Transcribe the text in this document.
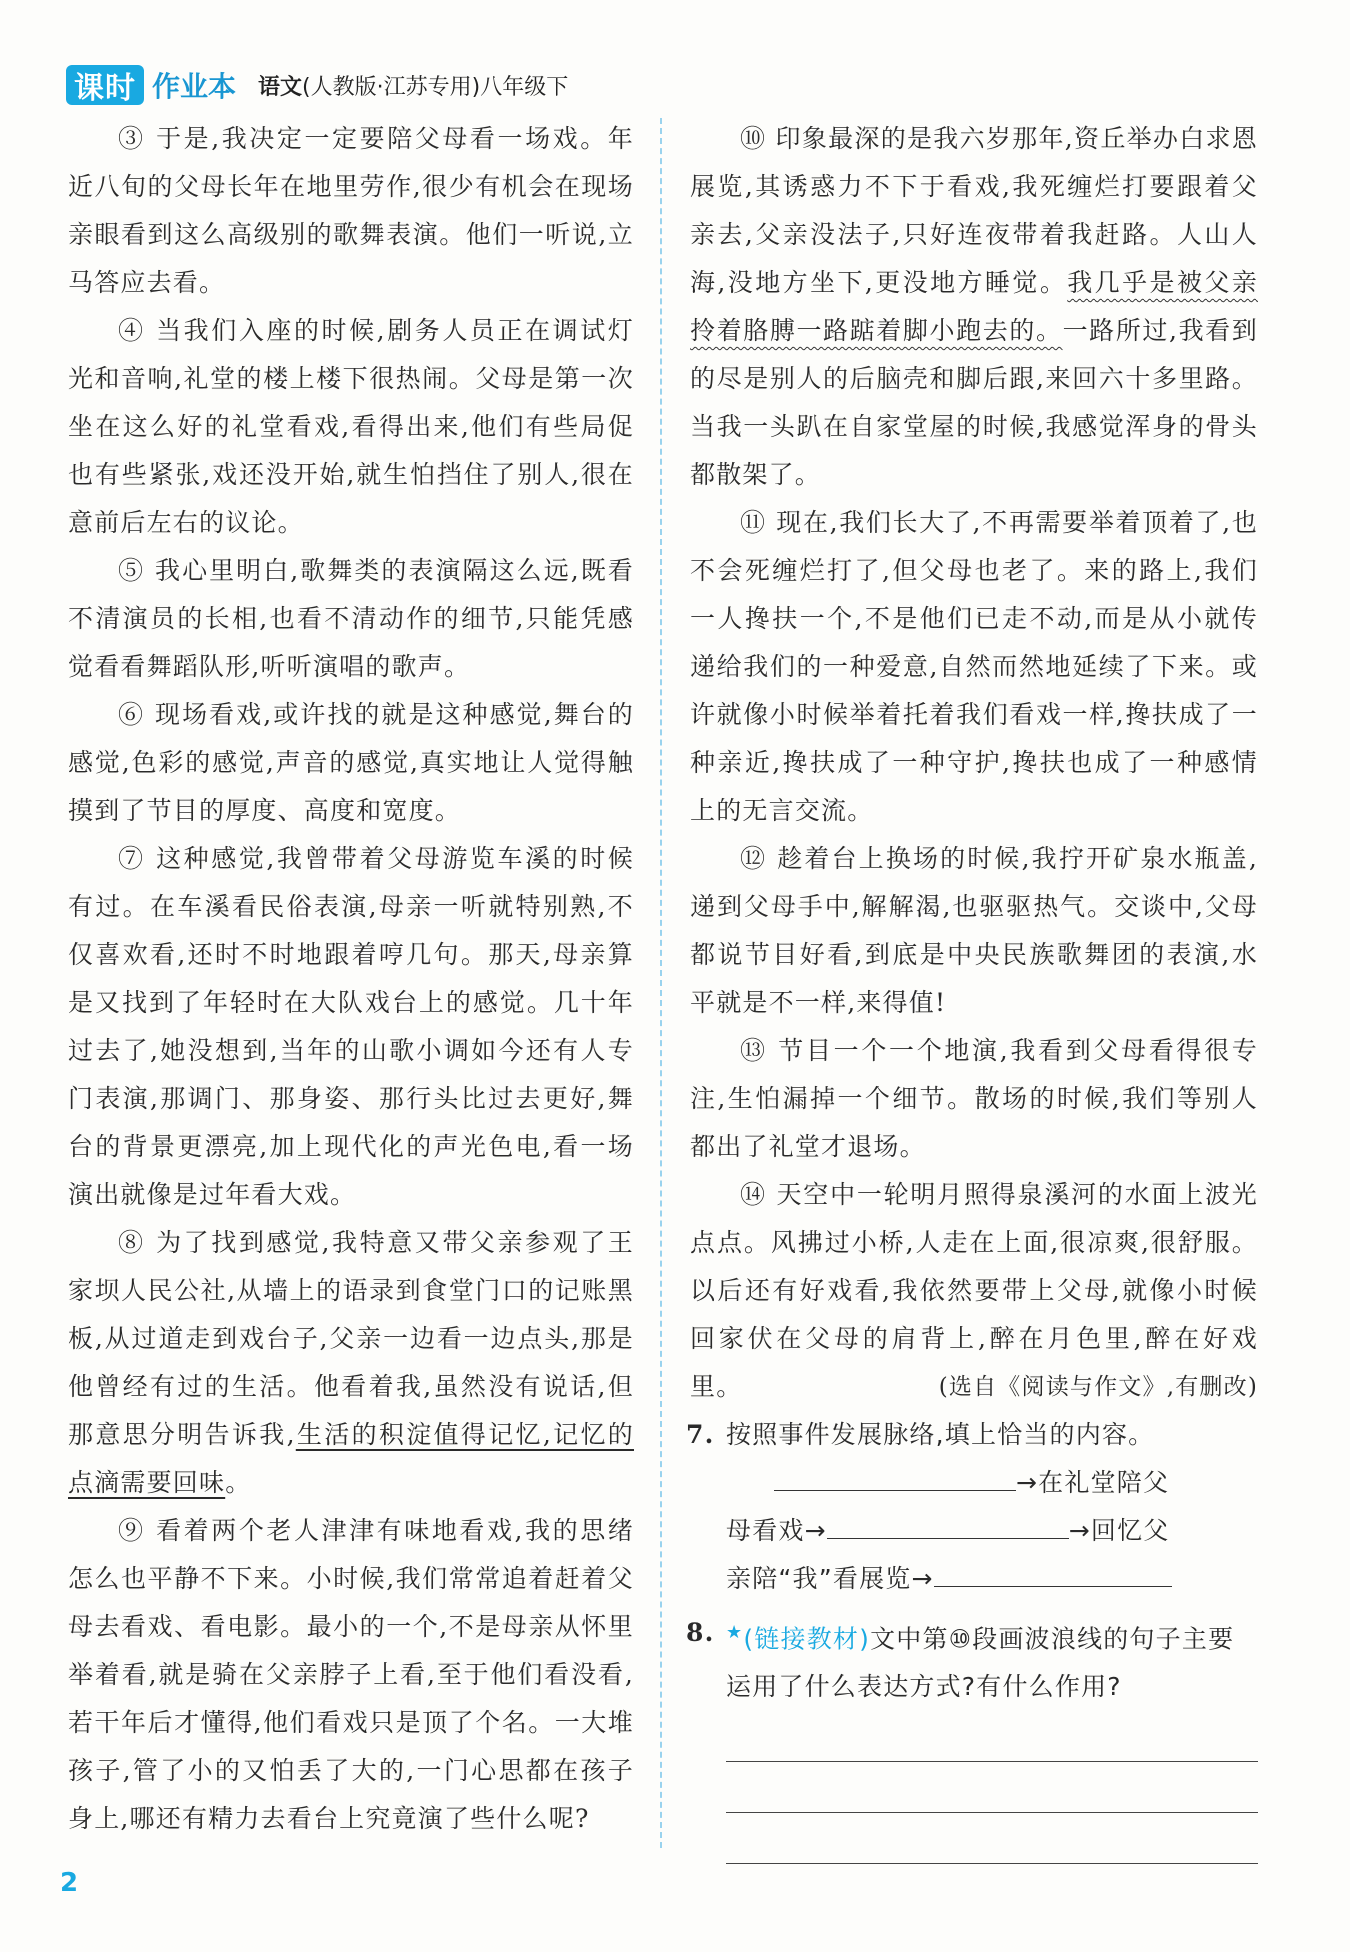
课时 作业本 语文(人教版·江苏专用)八年级下

③ 于是,我决定一定要陪父母看一场戏。年近八旬的父母长年在地里劳作,很少有机会在现场亲眼看到这么高级别的歌舞表演。他们一听说,立马答应去看。

④ 当我们入座的时候,剧务人员正在调试灯光和音响,礼堂的楼上楼下很热闹。父母是第一次坐在这么好的礼堂看戏,看得出来,他们有些局促也有些紧张,戏还没开始,就生怕挡住了别人,很在意前后左右的议论。

⑤ 我心里明白,歌舞类的表演隔这么远,既看不清演员的长相,也看不清动作的细节,只能凭感觉看看舞蹈队形,听听演唱的歌声。

⑥ 现场看戏,或许找的就是这种感觉,舞台的感觉,色彩的感觉,声音的感觉,真实地让人觉得触摸到了节目的厚度、高度和宽度。

⑦ 这种感觉,我曾带着父母游览车溪的时候有过。在车溪看民俗表演,母亲一听就特别熟,不仅喜欢看,还时不时地跟着哼几句。那天,母亲算是又找到了年轻时在大队戏台上的感觉。几十年过去了,她没想到,当年的山歌小调如今还有人专门表演,那调门、那身姿、那行头比过去更好,舞台的背景更漂亮,加上现代化的声光色电,看一场演出就像是过年看大戏。

⑧ 为了找到感觉,我特意又带父亲参观了王家坝人民公社,从墙上的语录到食堂门口的记账黑板,从过道走到戏台子,父亲一边看一边点头,那是他曾经有过的生活。他看着我,虽然没有说话,但那意思分明告诉我,生活的积淀值得记忆,记忆的点滴需要回味。

⑨ 看着两个老人津津有味地看戏,我的思绪怎么也平静不下来。小时候,我们常常追着赶着父母去看戏、看电影。最小的一个,不是母亲从怀里举着看,就是骑在父亲脖子上看,至于他们看没看,若干年后才懂得,他们看戏只是顶了个名。一大堆孩子,管了小的又怕丢了大的,一门心思都在孩子身上,哪还有精力去看台上究竟演了些什么呢?

⑩ 印象最深的是我六岁那年,资丘举办白求恩展览,其诱惑力不下于看戏,我死缠烂打要跟着父亲去,父亲没法子,只好连夜带着我赶路。人山人海,没地方坐下,更没地方睡觉。我几乎是被父亲拎着胳膊一路踮着脚小跑去的。一路所过,我看到的尽是别人的后脑壳和脚后跟,来回六十多里路。当我一头趴在自家堂屋的时候,我感觉浑身的骨头都散架了。

⑪ 现在,我们长大了,不再需要举着顶着了,也不会死缠烂打了,但父母也老了。来的路上,我们一人搀扶一个,不是他们已走不动,而是从小就传递给我们的一种爱意,自然而然地延续了下来。或许就像小时候举着托着我们看戏一样,搀扶成了一种亲近,搀扶成了一种守护,搀扶也成了一种感情上的无言交流。

⑫ 趁着台上换场的时候,我拧开矿泉水瓶盖,递到父母手中,解解渴,也驱驱热气。交谈中,父母都说节目好看,到底是中央民族歌舞团的表演,水平就是不一样,来得值!

⑬ 节目一个一个地演,我看到父母看得很专注,生怕漏掉一个细节。散场的时候,我们等别人都出了礼堂才退场。

⑭ 天空中一轮明月照得泉溪河的水面上波光点点。风拂过小桥,人走在上面,很凉爽,很舒服。以后还有好戏看,我依然要带上父母,就像小时候回家伏在父母的肩背上,醉在月色里,醉在好戏里。	(选自《阅读与作文》,有删改)

7. 按照事件发展脉络,填上恰当的内容。
→在礼堂陪父
母看戏→	→回忆父
亲陪“我”看展览→
8. ★(链接教材)文中第⑩段画波浪线的句子主要运用了什么表达方式?有什么作用?
2
